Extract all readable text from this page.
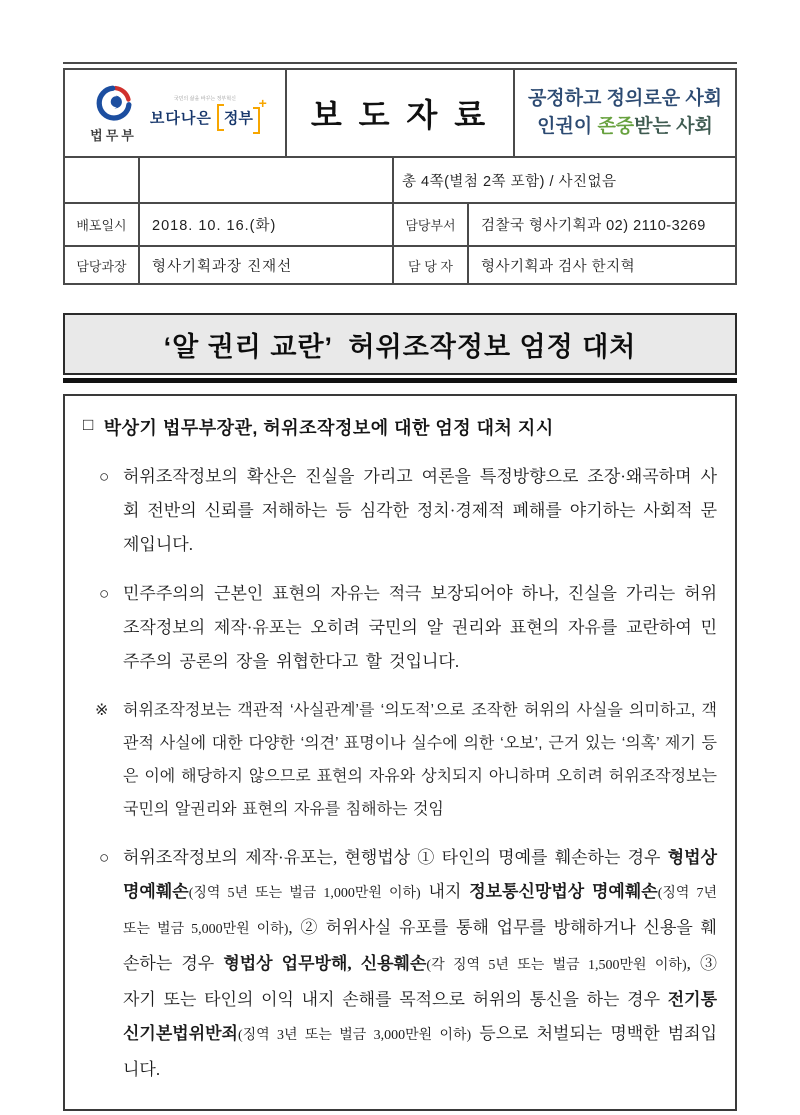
법무부
국민의 삶을 바꾸는 정부혁신
보다나은 정부
+	보 도 자 료	공정하고 정의로운 사회
인권이 존중받는 사회
총 4쪽(별첨 2쪽 포함) / 사진없음
배포일시	2018. 10. 16.(화)	담당부서	검찰국 형사기획과 02) 2110-3269
담당과장	형사기획과장 진재선	담 당 자	형사기획과 검사 한지혁
‘알 권리 교란’  허위조작정보 엄정 대처
□ 박상기 법무부장관, 허위조작정보에 대한 엄정 대처 지시
○ 허위조작정보의 확산은 진실을 가리고 여론을 특정방향으로 조장·왜곡하며 사회 전반의 신뢰를 저해하는 등 심각한 정치·경제적 폐해를 야기하는 사회적 문제입니다.
○ 민주주의의 근본인 표현의 자유는 적극 보장되어야 하나, 진실을 가리는 허위조작정보의 제작·유포는 오히려 국민의 알 권리와 표현의 자유를 교란하여 민주주의 공론의 장을 위협한다고 할 것입니다.
※ 허위조작정보는 객관적 ‘사실관계’를 ‘의도적’으로 조작한 허위의 사실을 의미하고, 객관적 사실에 대한 다양한 ‘의견’ 표명이나 실수에 의한 ‘오보’, 근거 있는 ‘의혹’ 제기 등은 이에 해당하지 않으므로 표현의 자유와 상치되지 아니하며 오히려 허위조작정보는 국민의 알권리와 표현의 자유를 침해하는 것임
○ 허위조작정보의 제작·유포는, 현행법상 ① 타인의 명예를 훼손하는 경우 형법상 명예훼손(징역 5년 또는 벌금 1,000만원 이하) 내지 정보통신망법상 명예훼손(징역 7년 또는 벌금 5,000만원 이하), ② 허위사실 유포를 통해 업무를 방해하거나 신용을 훼손하는 경우 형법상 업무방해, 신용훼손(각 징역 5년 또는 벌금 1,500만원 이하), ③ 자기 또는 타인의 이익 내지 손해를 목적으로 허위의 통신을 하는 경우 전기통신기본법위반죄(징역 3년 또는 벌금 3,000만원 이하) 등으로 처벌되는 명백한 범죄입니다.
